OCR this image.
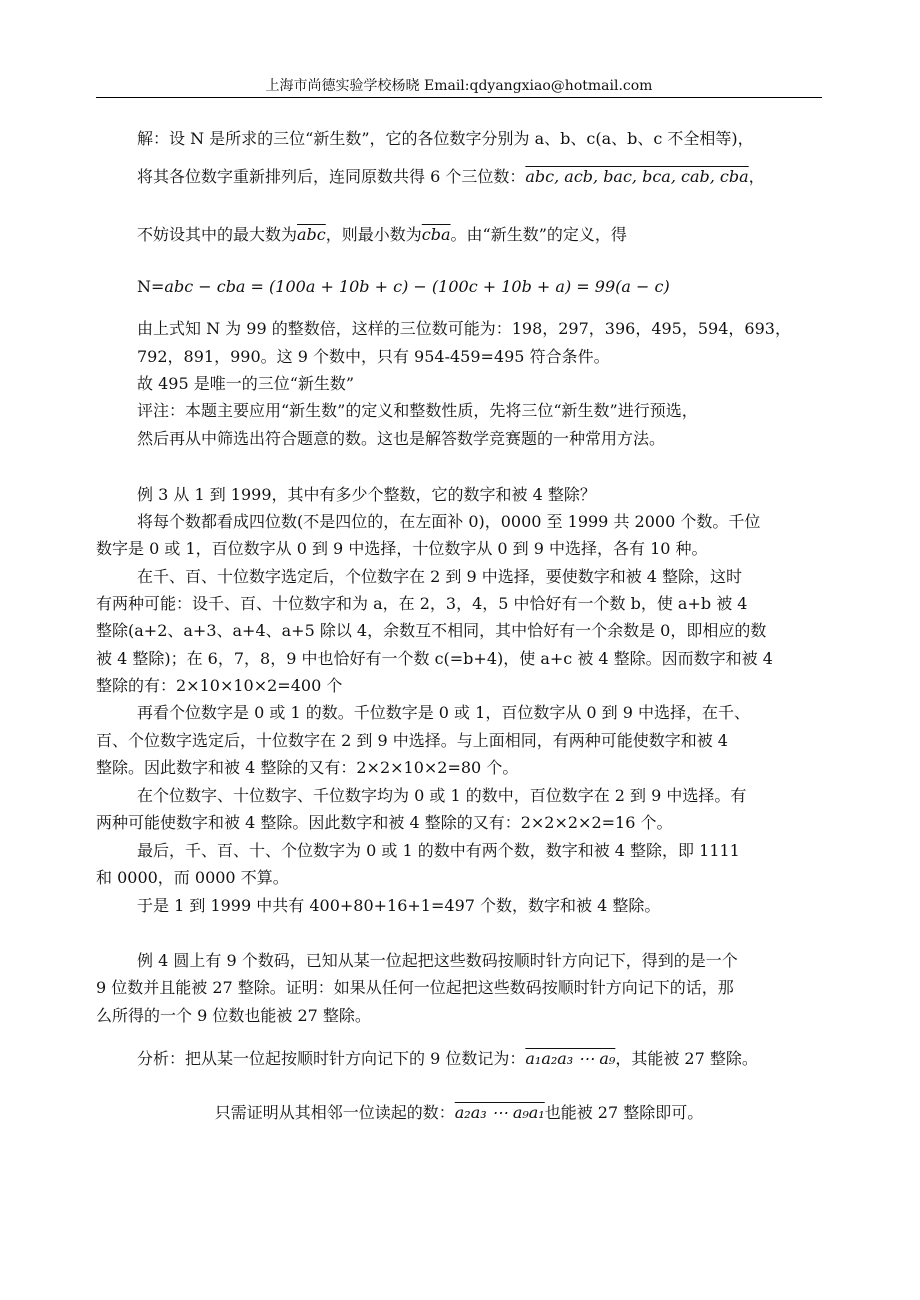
上海市尚德实验学校杨晓 Email:qdyangxiao@hotmail.com
解：设 N 是所求的三位“新生数”，它的各位数字分别为 a、b、c(a、b、c 不全相等)，
将其各位数字重新排列后，连同原数共得 6 个三位数：abc, acb, bac, bca, cab, cba，
不妨设其中的最大数为$\overline{abc}$，则最小数为$\overline{cba}$。由“新生数”的定义，得
N=abc − cba = (100a + 10b + c) − (100c + 10b + a) = 99(a − c)
由上式知 N 为 99 的整数倍，这样的三位数可能为：198，297，396，495，594，693，
792，891，990。这 9 个数中，只有 954-459=495 符合条件。
故 495 是唯一的三位“新生数”
评注：本题主要应用“新生数”的定义和整数性质，先将三位“新生数”进行预选，
然后再从中筛选出符合题意的数。这也是解答数学竞赛题的一种常用方法。
例 3 从 1 到 1999，其中有多少个整数，它的数字和被 4 整除？
将每个数都看成四位数(不是四位的，在左面补 0)，0000 至 1999 共 2000 个数。千位
数字是 0 或 1，百位数字从 0 到 9 中选择，十位数字从 0 到 9 中选择，各有 10 种。
在千、百、十位数字选定后，个位数字在 2 到 9 中选择，要使数字和被 4 整除，这时
有两种可能：设千、百、十位数字和为 a，在 2，3，4，5 中恰好有一个数 b，使 a+b 被 4
整除(a+2、a+3、a+4、a+5 除以 4，余数互不相同，其中恰好有一个余数是 0，即相应的数
被 4 整除)；在 6，7，8，9 中也恰好有一个数 c(=b+4)，使 a+c 被 4 整除。因而数字和被 4
整除的有：2×10×10×2=400 个
再看个位数字是 0 或 1 的数。千位数字是 0 或 1，百位数字从 0 到 9 中选择，在千、
百、个位数字选定后，十位数字在 2 到 9 中选择。与上面相同，有两种可能使数字和被 4
整除。因此数字和被 4 整除的又有：2×2×10×2=80 个。
在个位数字、十位数字、千位数字均为 0 或 1 的数中，百位数字在 2 到 9 中选择。有
两种可能使数字和被 4 整除。因此数字和被 4 整除的又有：2×2×2×2=16 个。
最后，千、百、十、个位数字为 0 或 1 的数中有两个数，数字和被 4 整除，即 1111
和 0000，而 0000 不算。
于是 1 到 1999 中共有 400+80+16+1=497 个数，数字和被 4 整除。
例 4 圆上有 9 个数码，已知从某一位起把这些数码按顺时针方向记下，得到的是一个
9 位数并且能被 27 整除。证明：如果从任何一位起把这些数码按顺时针方向记下的话，那
么所得的一个 9 位数也能被 27 整除。
分析：把从某一位起按顺时针方向记下的 9 位数记为：a₁a₂a₃ ⋯ a₉，其能被 27 整除。
只需证明从其相邻一位读起的数：a₂a₃ ⋯ a₉a₁也能被 27 整除即可。
